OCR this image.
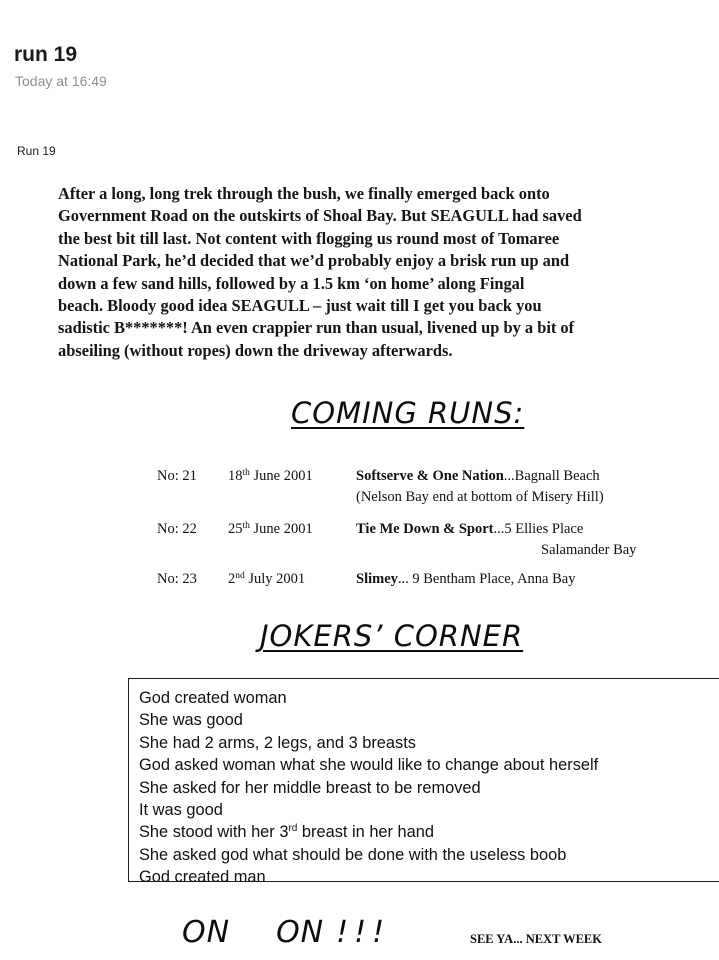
run 19
Today at 16:49
Run 19

After a long, long trek through the bush, we finally emerged back onto
Government Road on the outskirts of Shoal Bay. But SEAGULL had saved
the best bit till last. Not content with flogging us round most of Tomaree
National Park, he’d decided that we’d probably enjoy a brisk run up and
down a few sand hills, followed by a 1.5 km ‘on home’ along Fingal
beach. Bloody good idea SEAGULL – just wait till I get you back you
sadistic B*******! An even crappier run than usual, livened up by a bit of
abseiling (without ropes) down the driveway afterwards.

COMING RUNS:
No: 21 18th June 2001	Softserve & One Nation...Bagnall Beach
(Nelson Bay end at bottom of Misery Hill)
No: 22 25th June 2001	Tie Me Down & Sport...5 Ellies Place
Salamander Bay
No: 23 2nd July 2001	Slimey... 9 Bentham Place, Anna Bay
JOKERS’ CORNER
God created woman
She was good
She had 2 arms, 2 legs, and 3 breasts
God asked woman what she would like to change about herself
She asked for her middle breast to be removed
It was good
She stood with her 3rd breast in her hand
She asked god what should be done with the useless boob
God created man
ON ON !!!	SEE YA... NEXT WEEK
